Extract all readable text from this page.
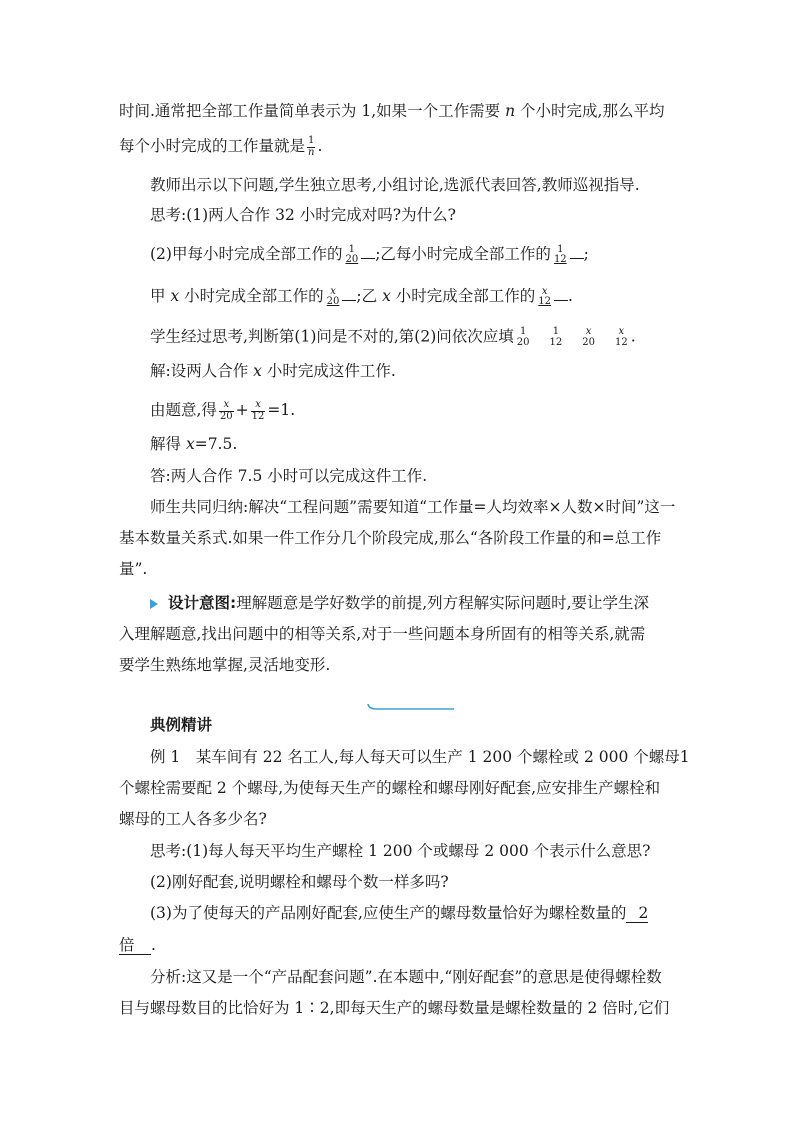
时间.通常把全部工作量简单表示为 1,如果一个工作需要 n 个小时完成,那么平均
每个小时完成的工作量就是 $\frac{1}{n}$ .
教师出示以下问题,学生独立思考,小组讨论,选派代表回答,教师巡视指导.
思考:(1)两人合作 32 小时完成对吗?为什么?
(2)甲每小时完成全部工作的 1
20 ;乙每小时完成全部工作的 1
12 ;
甲 x 小时完成全部工作的 x
20 ;乙 x 小时完成全部工作的 x
12 .
学生经过思考,判断第(1)问是不对的,第(2)问依次应填 1
20
1
12
x
20
x
12 .
解:设两人合作 x 小时完成这件工作.
由题意,得 $\frac{x}{20} + \frac{x}{12} =1$.
解得 x=7.5.
答:两人合作 7.5 小时可以完成这件工作.
师生共同归纳:解决“工程问题”需要知道“工作量=人均效率×人数×时间”这一
基本数量关系式.如果一件工作分几个阶段完成,那么“各阶段工作量的和=总工作
量”.
设计意图:理解题意是学好数学的前提,列方程解实际问题时,要让学生深
入理解题意,找出问题中的相等关系,对于一些问题本身所固有的相等关系,就需
要学生熟练地掌握,灵活地变形.
典例精讲
例 1　某车间有 22 名工人,每人每天可以生产 1 200 个螺栓或 2 000 个螺母1
个螺栓需要配 2 个螺母,为使每天生产的螺栓和螺母刚好配套,应安排生产螺栓和
螺母的工人各多少名?
思考:(1)每人每天平均生产螺栓 1 200 个或螺母 2 000 个表示什么意思?
(2)刚好配套,说明螺栓和螺母个数一样多吗?
(3)为了使每天的产品刚好配套,应使生产的螺母数量恰好为螺栓数量的 2
倍 .
分析:这又是一个“产品配套问题”.在本题中,“刚好配套”的意思是使得螺栓数
目与螺母数目的比恰好为 1∶2,即每天生产的螺母数量是螺栓数量的 2 倍时,它们
